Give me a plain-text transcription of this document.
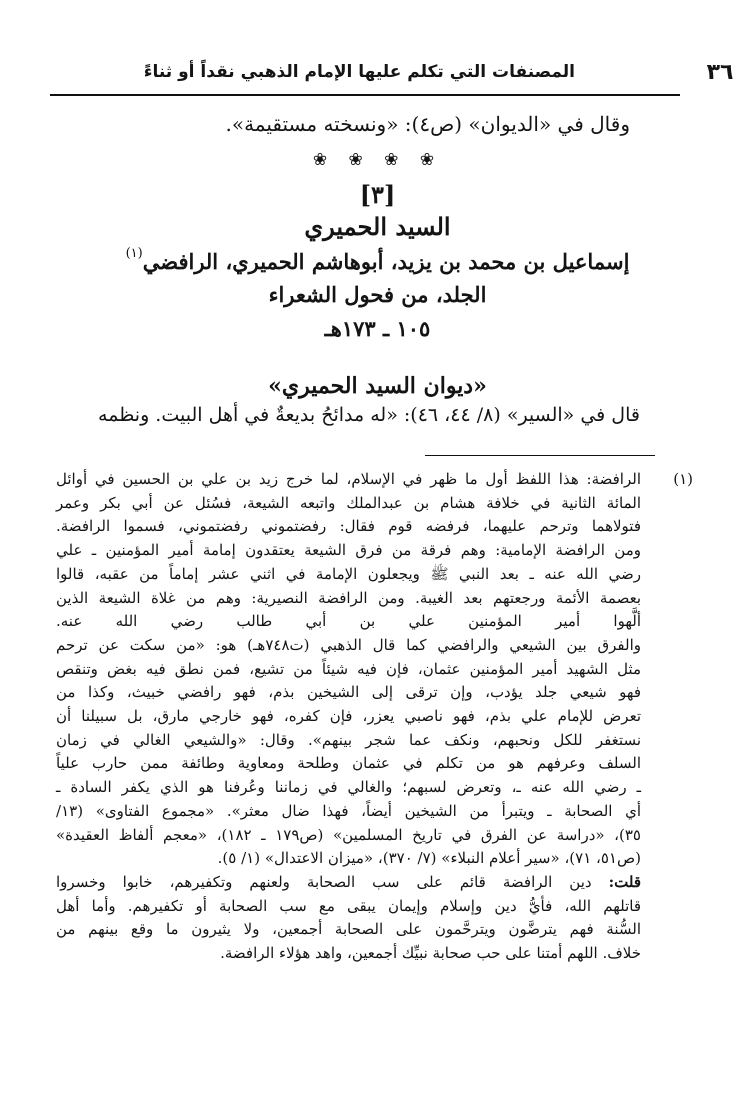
المصنفات التي تكلم عليها الإمام الذهبي نقداً أو ثناءً	٣٦
وقال في «الديوان» (ص٤): «ونسخته مستقيمة».
❀ ❀ ❀ ❀
[٣]
السيد الحميري
إسماعيل بن محمد بن يزيد، أبوهاشم الحميري، الرافضي$^{(١)}$
الجلد، من فحول الشعراء
١٠٥ ـ ١٧٣هـ
«ديوان السيد الحميري»
قال في «السير» (٨/ ٤٤، ٤٦): «له مدائحُ بديعةٌ في أهل البيت. ونظمه
(١)
الرافضة: هذا اللفظ أول ما ظهر في الإسلام، لما خرج زيد بن علي بن الحسين في أوائل
المائة الثانية في خلافة هشام بن عبدالملك واتبعه الشيعة، فسُئل عن أبي بكر وعمر
فتولاهما وترحم عليهما، فرفضه قوم فقال: رفضتموني رفضتموني، فسموا الرافضة.
ومن الرافضة الإمامية: وهم فرقة من فرق الشيعة يعتقدون إمامة أمير المؤمنين ـ علي
رضي الله عنه ـ بعد النبي ﷺ ويجعلون الإمامة في اثني عشر إماماً من عقبه، قالوا
بعصمة الأئمة ورجعتهم بعد الغيبة. ومن الرافضة النصيرية: وهم من غلاة الشيعة الذين
ألَّهوا أمير المؤمنين علي بن أبي طالب رضي الله عنه.
والفرق بين الشيعي والرافضي كما قال الذهبي (ت٧٤٨هـ) هو: «من سكت عن ترحم
مثل الشهيد أمير المؤمنين عثمان، فإن فيه شيئاً من تشيع، فمن نطق فيه بغض وتنقص
فهو شيعي جلد يؤدب، وإن ترقى إلى الشيخين بذم، فهو رافضي خبيث، وكذا من
تعرض للإمام علي بذم، فهو ناصبي يعزر، فإن كفره، فهو خارجي مارق، بل سبيلنا أن
نستغفر للكل ونحبهم، ونكف عما شجر بينهم». وقال: «والشيعي الغالي في زمان
السلف وعرفهم هو من تكلم في عثمان وطلحة ومعاوية وطائفة ممن حارب علياً
ـ رضي الله عنه ـ، وتعرض لسبهم؛ والغالي في زماننا وعُرفنا هو الذي يكفر السادة ـ
أي الصحابة ـ ويتبرأ من الشيخين أيضاً، فهذا ضال معثر». «مجموع الفتاوى» (١٣/
٣٥)، «دراسة عن الفرق في تاريخ المسلمين» (ص١٧٩ ـ ١٨٢)، «معجم ألفاظ العقيدة»
(ص٥١، ٧١)، «سير أعلام النبلاء» (٧/ ٣٧٠)، «ميزان الاعتدال» (١/ ٥).
قلت: دين الرافضة قائم على سب الصحابة ولعنهم وتكفيرهم، خابوا وخسروا
قاتلهم الله، فأيُّ دين وإسلام وإيمان يبقى مع سب الصحابة أو تكفيرهم. وأما أهل
السُّنة فهم يترضَّون ويترحَّمون على الصحابة أجمعين، ولا يثيرون ما وقع بينهم من
خلاف. اللهم أمتنا على حب صحابة نبيِّك أجمعين، واهد هؤلاء الرافضة.
